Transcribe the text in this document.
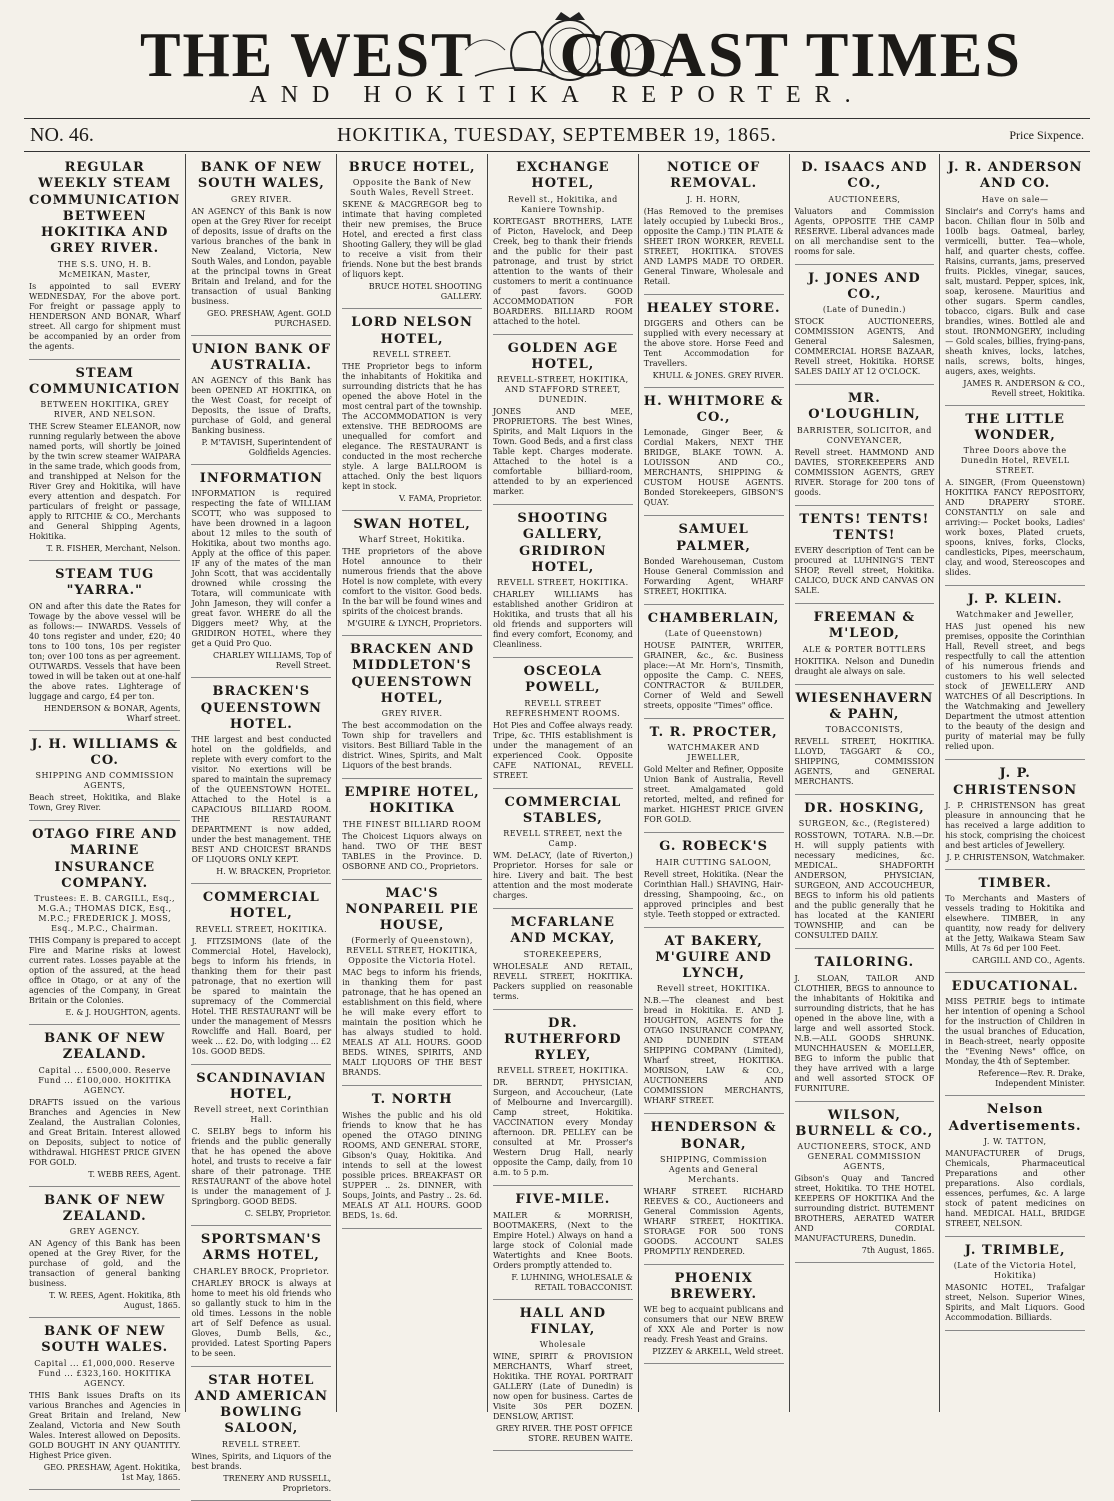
THE WEST COAST TIMES
AND HOKITIKA REPORTER.
NO. 46.	HOKITIKA, TUESDAY, SEPTEMBER 19, 1865.	Price Sixpence.
REGULAR WEEKLY STEAM COMMUNICATION BETWEEN HOKITIKA AND GREY RIVER.
THE S.S. UNO, H. B. McMEIKAN, Master,
Is appointed to sail EVERY WEDNESDAY, For the above port. For freight or passage apply to HENDERSON AND BONAR, Wharf street. All cargo for shipment must be accompanied by an order from the agents.
STEAM COMMUNICATION
BETWEEN HOKITIKA, GREY RIVER, AND NELSON.
THE Screw Steamer ELEANOR, now running regularly between the above named ports, will shortly be joined by the twin screw steamer WAIPARA in the same trade, which goods from, and transhipped at Nelson for the River Grey and Hokitika, will have every attention and despatch. For particulars of freight or passage, apply to RITCHIE & CO., Merchants and General Shipping Agents, Hokitika.
T. R. FISHER, Merchant, Nelson.
STEAM TUG "YARRA."
ON and after this date the Rates for Towage by the above vessel will be as follows:— INWARDS. Vessels of 40 tons register and under, £20; 40 tons to 100 tons, 10s per register ton; over 100 tons as per agreement. OUTWARDS. Vessels that have been towed in will be taken out at one-half the above rates. Lighterage of luggage and cargo, £4 per ton.
HENDERSON & BONAR, Agents, Wharf street.
J. H. WILLIAMS & CO.
SHIPPING AND COMMISSION AGENTS,
Beach street, Hokitika, and Blake Town, Grey River.
OTAGO FIRE AND MARINE INSURANCE COMPANY.
Trustees: E. B. CARGILL, Esq., M.G.A.; THOMAS DICK, Esq., M.P.C.; FREDERICK J. MOSS, Esq., M.P.C., Chairman.
THIS Company is prepared to accept Fire and Marine risks at lowest current rates. Losses payable at the option of the assured, at the head office in Otago, or at any of the agencies of the Company, in Great Britain or the Colonies.
E. & J. HOUGHTON, agents.
BANK OF NEW ZEALAND.
Capital ... £500,000. Reserve Fund ... £100,000. HOKITIKA AGENCY.
DRAFTS issued on the various Branches and Agencies in New Zealand, the Australian Colonies, and Great Britain. Interest allowed on Deposits, subject to notice of withdrawal. HIGHEST PRICE GIVEN FOR GOLD.
T. WEBB REES, Agent.
BANK OF NEW ZEALAND.
GREY AGENCY.
AN Agency of this Bank has been opened at the Grey River, for the purchase of gold, and the transaction of general banking business.
T. W. REES, Agent. Hokitika, 8th August, 1865.
BANK OF NEW SOUTH WALES.
Capital ... £1,000,000. Reserve Fund ... £323,160. HOKITIKA AGENCY.
THIS Bank issues Drafts on its various Branches and Agencies in Great Britain and Ireland, New Zealand, Victoria and New South Wales. Interest allowed on Deposits. GOLD BOUGHT IN ANY QUANTITY. Highest Price given.
GEO. PRESHAW, Agent. Hokitika, 1st May, 1865.
BANK OF NEW SOUTH WALES,
GREY RIVER.
AN AGENCY of this Bank is now open at the Grey River for receipt of deposits, issue of drafts on the various branches of the bank in New Zealand, Victoria, New South Wales, and London, payable at the principal towns in Great Britain and Ireland, and for the transaction of usual Banking business.
GEO. PRESHAW, Agent. GOLD PURCHASED.
UNION BANK OF AUSTRALIA.
AN AGENCY of this Bank has been OPENED AT HOKITIKA, on the West Coast, for receipt of Deposits, the issue of Drafts, purchase of Gold, and general Banking business.
P. M'TAVISH, Superintendent of Goldfields Agencies.
INFORMATION
INFORMATION is required respecting the fate of WILLIAM SCOTT, who was supposed to have been drowned in a lagoon about 12 miles to the south of Hokitika, about two months ago. Apply at the office of this paper. IF any of the mates of the man John Scott, that was accidentally drowned while crossing the Totara, will communicate with John Jameson, they will confer a great favor. WHERE do all the Diggers meet? Why, at the GRIDIRON HOTEL, where they get a Quid Pro Quo.
CHARLEY WILLIAMS, Top of Revell Street.
BRACKEN'S QUEENSTOWN HOTEL.
THE largest and best conducted hotel on the goldfields, and replete with every comfort to the visitor. No exertions will be spared to maintain the supremacy of the QUEENSTOWN HOTEL. Attached to the Hotel is a CAPACIOUS BILLIARD ROOM. THE RESTAURANT DEPARTMENT is now added, under the best management. THE BEST AND CHOICEST BRANDS OF LIQUORS ONLY KEPT.
H. W. BRACKEN, Proprietor.
COMMERCIAL HOTEL,
REVELL STREET, HOKITIKA.
J. FITZSIMONS (late of the Commercial Hotel, Havelock), begs to inform his friends, in thanking them for their past patronage, that no exertion will be spared to maintain the supremacy of the Commercial Hotel. THE RESTAURANT will be under the management of Messrs Rowcliffe and Hall. Board, per week ... £2. Do, with lodging ... £2 10s. GOOD BEDS.
SCANDINAVIAN HOTEL,
Revell street, next Corinthian Hall.
C. SELBY begs to inform his friends and the public generally that he has opened the above hotel, and trusts to receive a fair share of their patronage. THE RESTAURANT of the above hotel is under the management of J. Springborg. GOOD BEDS.
C. SELBY, Proprietor.
SPORTSMAN'S ARMS HOTEL,
CHARLEY BROCK, Proprietor.
CHARLEY BROCK is always at home to meet his old friends who so gallantly stuck to him in the old times. Lessons in the noble art of Self Defence as usual. Gloves, Dumb Bells, &c., provided. Latest Sporting Papers to be seen.
STAR HOTEL AND AMERICAN BOWLING SALOON,
REVELL STREET.
Wines, Spirits, and Liquors of the best brands.
TRENERY AND RUSSELL, Proprietors.
BRUCE HOTEL,
Opposite the Bank of New South Wales, Revell Street.
SKENE & MACGREGOR beg to intimate that having completed their new premises, the Bruce Hotel, and erected a first class Shooting Gallery, they will be glad to receive a visit from their friends. None but the best brands of liquors kept.
BRUCE HOTEL SHOOTING GALLERY.
LORD NELSON HOTEL,
REVELL STREET.
THE Proprietor begs to inform the inhabitants of Hokitika and surrounding districts that he has opened the above Hotel in the most central part of the township. The ACCOMMODATION is very extensive. THE BEDROOMS are unequalled for comfort and elegance. The RESTAURANT is conducted in the most recherche style. A large BALLROOM is attached. Only the best liquors kept in stock.
V. FAMA, Proprietor.
SWAN HOTEL,
Wharf Street, Hokitika.
THE proprietors of the above Hotel announce to their numerous friends that the above Hotel is now complete, with every comfort to the visitor. Good beds. In the bar will be found wines and spirits of the choicest brands.
M'GUIRE & LYNCH, Proprietors.
BRACKEN AND MIDDLETON'S QUEENSTOWN HOTEL,
GREY RIVER.
The best accommodation on the Town ship for travellers and visitors. Best Billiard Table in the district. Wines, Spirits, and Malt Liquors of the best brands.
EMPIRE HOTEL, HOKITIKA
THE FINEST BILLIARD ROOM
The Choicest Liquors always on hand. TWO OF THE BEST TABLES in the Province. D. OSBORNE AND CO., Proprietors.
MAC'S NONPAREIL PIE HOUSE,
(Formerly of Queenstown), REVELL STREET, HOKITIKA, Opposite the Victoria Hotel.
MAC begs to inform his friends, in thanking them for past patronage, that he has opened an establishment on this field, where he will make every effort to maintain the position which he has always studied to hold. MEALS AT ALL HOURS. GOOD BEDS. WINES, SPIRITS, AND MALT LIQUORS OF THE BEST BRANDS.
T. NORTH
Wishes the public and his old friends to know that he has opened the OTAGO DINING ROOMS, AND GENERAL STORE, Gibson's Quay, Hokitika. And intends to sell at the lowest possible prices. BREAKFAST OR SUPPER .. 2s. DINNER, with Soups, Joints, and Pastry .. 2s. 6d. MEALS AT ALL HOURS. GOOD BEDS, 1s. 6d.
EXCHANGE HOTEL,
Revell st., Hokitika, and Kaniere Township.
KORTEGAST BROTHERS, LATE of Picton, Havelock, and Deep Creek, beg to thank their friends and the public for their past patronage, and trust by strict attention to the wants of their customers to merit a continuance of past favors. GOOD ACCOMMODATION FOR BOARDERS. BILLIARD ROOM attached to the hotel.
GOLDEN AGE HOTEL,
REVELL-STREET, HOKITIKA, AND STAFFORD STREET, DUNEDIN.
JONES AND MEE, PROPRIETORS. The best Wines, Spirits, and Malt Liquors in the Town. Good Beds, and a first class Table kept. Charges moderate. Attached to the hotel is a comfortable billiard-room, attended to by an experienced marker.
SHOOTING GALLERY, GRIDIRON HOTEL,
REVELL STREET, HOKITIKA.
CHARLEY WILLIAMS has established another Gridiron at Hokitika, and trusts that all his old friends and supporters will find every comfort, Economy, and Cleanliness.
OSCEOLA POWELL,
REVELL STREET REFRESHMENT ROOMS.
Hot Pies and Coffee always ready. Tripe, &c. THIS establishment is under the management of an experienced Cook. Opposite CAFE NATIONAL, REVELL STREET.
COMMERCIAL STABLES,
REVELL STREET, next the Camp.
WM. DeLACY, (late of Riverton,) Proprietor. Horses for sale or hire. Livery and bait. The best attention and the most moderate charges.
MCFARLANE AND MCKAY,
STOREKEEPERS,
WHOLESALE AND RETAIL, REVELL STREET, HOKITIKA. Packers supplied on reasonable terms.
DR. RUTHERFORD RYLEY,
REVELL STREET, HOKITIKA.
DR. BERNDT, PHYSICIAN, Surgeon, and Accoucheur, (Late of Melbourne and Invercargill). Camp street, Hokitika. VACCINATION every Monday afternoon. DR. PELLEY can be consulted at Mr. Prosser's Western Drug Hall, nearly opposite the Camp, daily, from 10 a.m. to 5 p.m.
FIVE-MILE.
MAILER & MORRISH, BOOTMAKERS, (Next to the Empire Hotel.) Always on hand a large stock of Colonial made Watertights and Knee Boots. Orders promptly attended to.
F. LUHNING, WHOLESALE & RETAIL TOBACCONIST.
HALL AND FINLAY,
Wholesale
WINE, SPIRIT & PROVISION MERCHANTS, Wharf street, Hokitika. THE ROYAL PORTRAIT GALLERY (Late of Dunedin) is now open for business. Cartes de Visite 30s PER DOZEN. DENSLOW, ARTIST.
GREY RIVER. THE POST OFFICE STORE. REUBEN WAITE.
NOTICE OF REMOVAL.
J. H. HORN,
(Has Removed to the premises lately occupied by Lubecki Bros., opposite the Camp.) TIN PLATE & SHEET IRON WORKER, REVELL STREET, HOKITIKA. STOVES AND LAMPS MADE TO ORDER. General Tinware, Wholesale and Retail.
HEALEY STORE.
DIGGERS and Others can be supplied with every necessary at the above store. Horse Feed and Tent Accommodation for Travellers.
KHULL & JONES. GREY RIVER.
H. WHITMORE & CO.,
Lemonade, Ginger Beer, & Cordial Makers, NEXT THE BRIDGE, BLAKE TOWN. A. LOUISSON AND CO., MERCHANTS, SHIPPING & CUSTOM HOUSE AGENTS. Bonded Storekeepers, GIBSON'S QUAY.
SAMUEL PALMER,
Bonded Warehouseman, Custom House General Commission and Forwarding Agent, WHARF STREET, HOKITIKA.
CHAMBERLAIN,
(Late of Queenstown)
HOUSE PAINTER, WRITER, GRAINER, &c., &c. Business place:—At Mr. Horn's, Tinsmith, opposite the Camp. C. NEES, CONTRACTOR & BUILDER, Corner of Weld and Sewell streets, opposite "Times" office.
T. R. PROCTER,
WATCHMAKER AND JEWELLER,
Gold Melter and Refiner, Opposite Union Bank of Australia, Revell street. Amalgamated gold retorted, melted, and refined for market. HIGHEST PRICE GIVEN FOR GOLD.
G. ROBECK'S
HAIR CUTTING SALOON,
Revell street, Hokitika. (Near the Corinthian Hall.) SHAVING, Hair-dressing, Shampooing, &c., on approved principles and best style. Teeth stopped or extracted.
AT BAKERY, M'GUIRE AND LYNCH,
Revell street, HOKITIKA.
N.B.—The cleanest and best bread in Hokitika. E. AND J. HOUGHTON, AGENTS for the OTAGO INSURANCE COMPANY, AND DUNEDIN STEAM SHIPPING COMPANY (Limited), Wharf street, HOKITIKA. MORISON, LAW & CO., AUCTIONEERS AND COMMISSION MERCHANTS, WHARF STREET.
HENDERSON & BONAR,
SHIPPING, Commission Agents and General Merchants.
WHARF STREET. RICHARD REEVES & CO., Auctioneers and General Commission Agents, WHARF STREET, HOKITIKA. STORAGE FOR 500 TONS GOODS. ACCOUNT SALES PROMPTLY RENDERED.
PHOENIX BREWERY.
WE beg to acquaint publicans and consumers that our NEW BREW of XXX Ale and Porter is now ready. Fresh Yeast and Grains.
PIZZEY & ARKELL, Weld street.
D. ISAACS AND CO.,
AUCTIONEERS,
Valuators and Commission Agents, OPPOSITE THE CAMP RESERVE. Liberal advances made on all merchandise sent to the rooms for sale.
J. JONES AND CO.,
(Late of Dunedin.)
STOCK AUCTIONEERS, COMMISSION AGENTS, And General Salesmen, COMMERCIAL HORSE BAZAAR, Revell street, Hokitika. HORSE SALES DAILY AT 12 O'CLOCK.
MR. O'LOUGHLIN,
BARRISTER, SOLICITOR, and CONVEYANCER,
Revell street. HAMMOND AND DAVIES, STOREKEEPERS AND COMMISSION AGENTS, GREY RIVER. Storage for 200 tons of goods.
TENTS! TENTS! TENTS!
EVERY description of Tent can be procured at LUHNING'S TENT SHOP, Revell street, Hokitika. CALICO, DUCK AND CANVAS ON SALE.
FREEMAN & M'LEOD,
ALE & PORTER BOTTLERS
HOKITIKA. Nelson and Dunedin draught ale always on sale.
WIESENHAVERN & PAHN,
TOBACCONISTS,
REVELL STREET, HOKITIKA. LLOYD, TAGGART & CO., SHIPPING, COMMISSION AGENTS, and GENERAL MERCHANTS.
DR. HOSKING,
SURGEON, &c., (Registered)
ROSSTOWN, TOTARA. N.B.—Dr. H. will supply patients with necessary medicines, &c. MEDICAL. SHADFORTH ANDERSON, PHYSICIAN, SURGEON, AND ACCOUCHEUR, BEGS to inform his old patients and the public generally that he has located at the KANIERI TOWNSHIP, and can be CONSULTED DAILY.
TAILORING.
J. SLOAN, TAILOR AND CLOTHIER, BEGS to announce to the inhabitants of Hokitika and surrounding districts, that he has opened in the above line, with a large and well assorted Stock. N.B.—ALL GOODS SHRUNK. MUNCHHAUSEN & MOELLER, BEG to inform the public that they have arrived with a large and well assorted STOCK OF FURNITURE.
WILSON, BURNELL & CO.,
AUCTIONEERS, STOCK, AND GENERAL COMMISSION AGENTS,
Gibson's Quay and Tancred street, Hokitika. TO THE HOTEL KEEPERS OF HOKITIKA And the surrounding district. BUTEMENT BROTHERS, AERATED WATER AND CORDIAL MANUFACTURERS, Dunedin.
7th August, 1865.
J. R. ANDERSON AND CO.
Have on sale—
Sinclair's and Corry's hams and bacon. Chilian flour in 50lb and 100lb bags. Oatmeal, barley, vermicelli, butter. Tea—whole, half, and quarter chests, coffee. Raisins, currants, jams, preserved fruits. Pickles, vinegar, sauces, salt, mustard. Pepper, spices, ink, soap, kerosene. Mauritius and other sugars. Sperm candles, tobacco, cigars. Bulk and case brandies, wines. Bottled ale and stout. IRONMONGERY, including— Gold scales, billies, frying-pans, sheath knives, locks, latches, nails, screws, bolts, hinges, augers, axes, weights.
JAMES R. ANDERSON & CO., Revell street, Hokitika.
THE LITTLE WONDER,
Three Doors above the Dunedin Hotel, REVELL STREET.
A. SINGER, (From Queenstown) HOKITIKA FANCY REPOSITORY, AND DRAPERY STORE. CONSTANTLY on sale and arriving:— Pocket books, Ladies' work boxes, Plated cruets, spoons, knives, forks, Clocks, candlesticks, Pipes, meerschaum, clay, and wood, Stereoscopes and slides.
J. P. KLEIN.
Watchmaker and Jeweller,
HAS just opened his new premises, opposite the Corinthian Hall, Revell street, and begs respectfully to call the attention of his numerous friends and customers to his well selected stock of JEWELLERY AND WATCHES Of all Descriptions. In the Watchmaking and Jewellery Department the utmost attention to the beauty of the design and purity of material may be fully relied upon.
J. P. CHRISTENSON
J. P. CHRISTENSON has great pleasure in announcing that he has received a large addition to his stock, comprising the choicest and best articles of Jewellery.
J. P. CHRISTENSON, Watchmaker.
TIMBER.
To Merchants and Masters of vessels trading to Hokitika and elsewhere. TIMBER, in any quantity, now ready for delivery at the Jetty, Waikawa Steam Saw Mills, At 7s 6d per 100 Feet.
CARGILL AND CO., Agents.
EDUCATIONAL.
MISS PETRIE begs to intimate her intention of opening a School for the instruction of Children in the usual branches of Education, in Beach-street, nearly opposite the "Evening News" office, on Monday, the 4th of September.
Reference—Rev. R. Drake, Independent Minister.
Nelson Advertisements.
J. W. TATTON,
MANUFACTURER of Drugs, Chemicals, Pharmaceutical Preparations and other preparations. Also cordials, essences, perfumes, &c. A large stock of patent medicines on hand. MEDICAL HALL, BRIDGE STREET, NELSON.
J. TRIMBLE,
(Late of the Victoria Hotel, Hokitika)
MASONIC HOTEL, Trafalgar street, Nelson. Superior Wines, Spirits, and Malt Liquors. Good Accommodation. Billiards.
